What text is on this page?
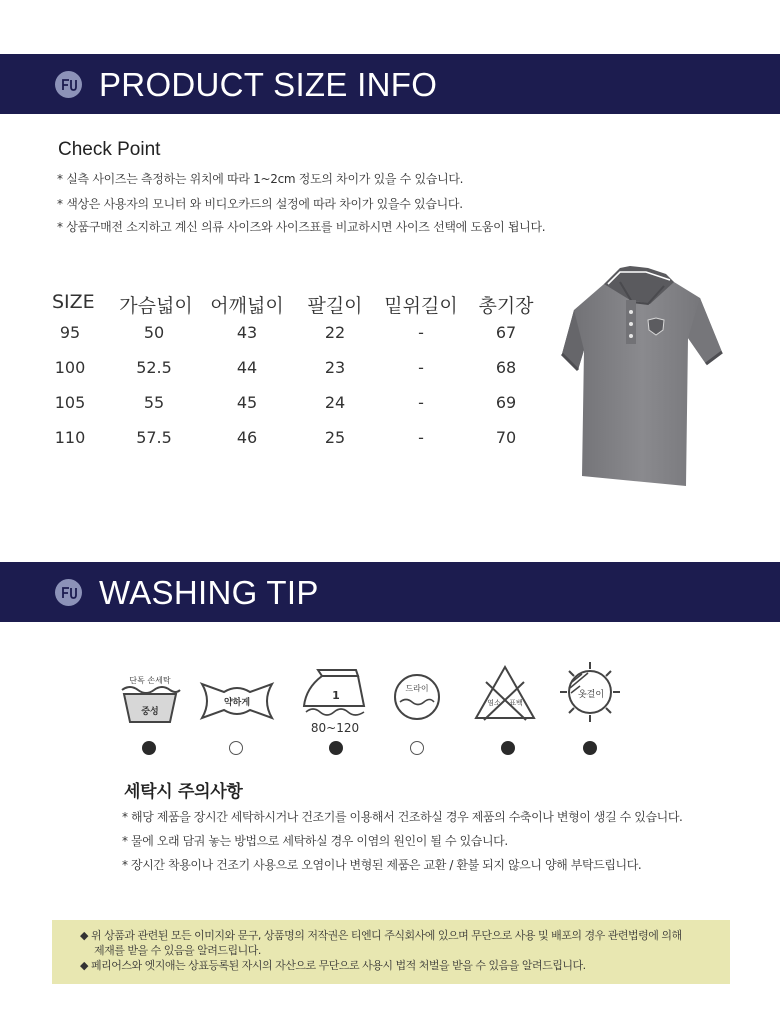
PRODUCT SIZE INFO
Check Point
* 실측 사이즈는 측정하는 위치에 따라 1~2cm 정도의 차이가 있을 수 있습니다.
* 색상은 사용자의 모니터 와 비디오카드의 설정에 따라 차이가 있을수 있습니다.
* 상품구매전 소지하고 계신 의류 사이즈와 사이즈표를 비교하시면 사이즈 선택에 도움이 됩니다.
SIZE 가슴넓이 어깨넓이 팔길이 밑위길이 총기장
95	50	43	22	-	67
100	52.5	44	23	-	68
105	55	45	24	-	69
110	57.5	46	25	-	70
WASHING TIP
단독 손세탁
중성
약하게
1
80~120
드라이
염소 표백
옷걸이
세탁시 주의사항
* 해당 제품을 장시간 세탁하시거나 건조기를 이용해서 건조하실 경우 제품의 수축이나 변형이 생길 수 있습니다.
* 물에 오래 담궈 놓는 방법으로 세탁하실 경우 이염의 원인이 될 수 있습니다.
* 장시간 착용이나 건조기 사용으로 오염이나 변형된 제품은 교환 / 환불 되지 않으니 양해 부탁드립니다.

◆ 위 상품과 관련된 모든 이미지와 문구, 상품명의 저작권은 티엔디 주식회사에 있으며 무단으로 사용 및 배포의 경우 관련법령에 의해

제재를 받을 수 있음을 알려드립니다.

◆ 페리어스와 엣지애는 상표등록된 자시의 자산으로 무단으로 사용시 법적 처벌을 받을 수 있음을 알려드립니다.
